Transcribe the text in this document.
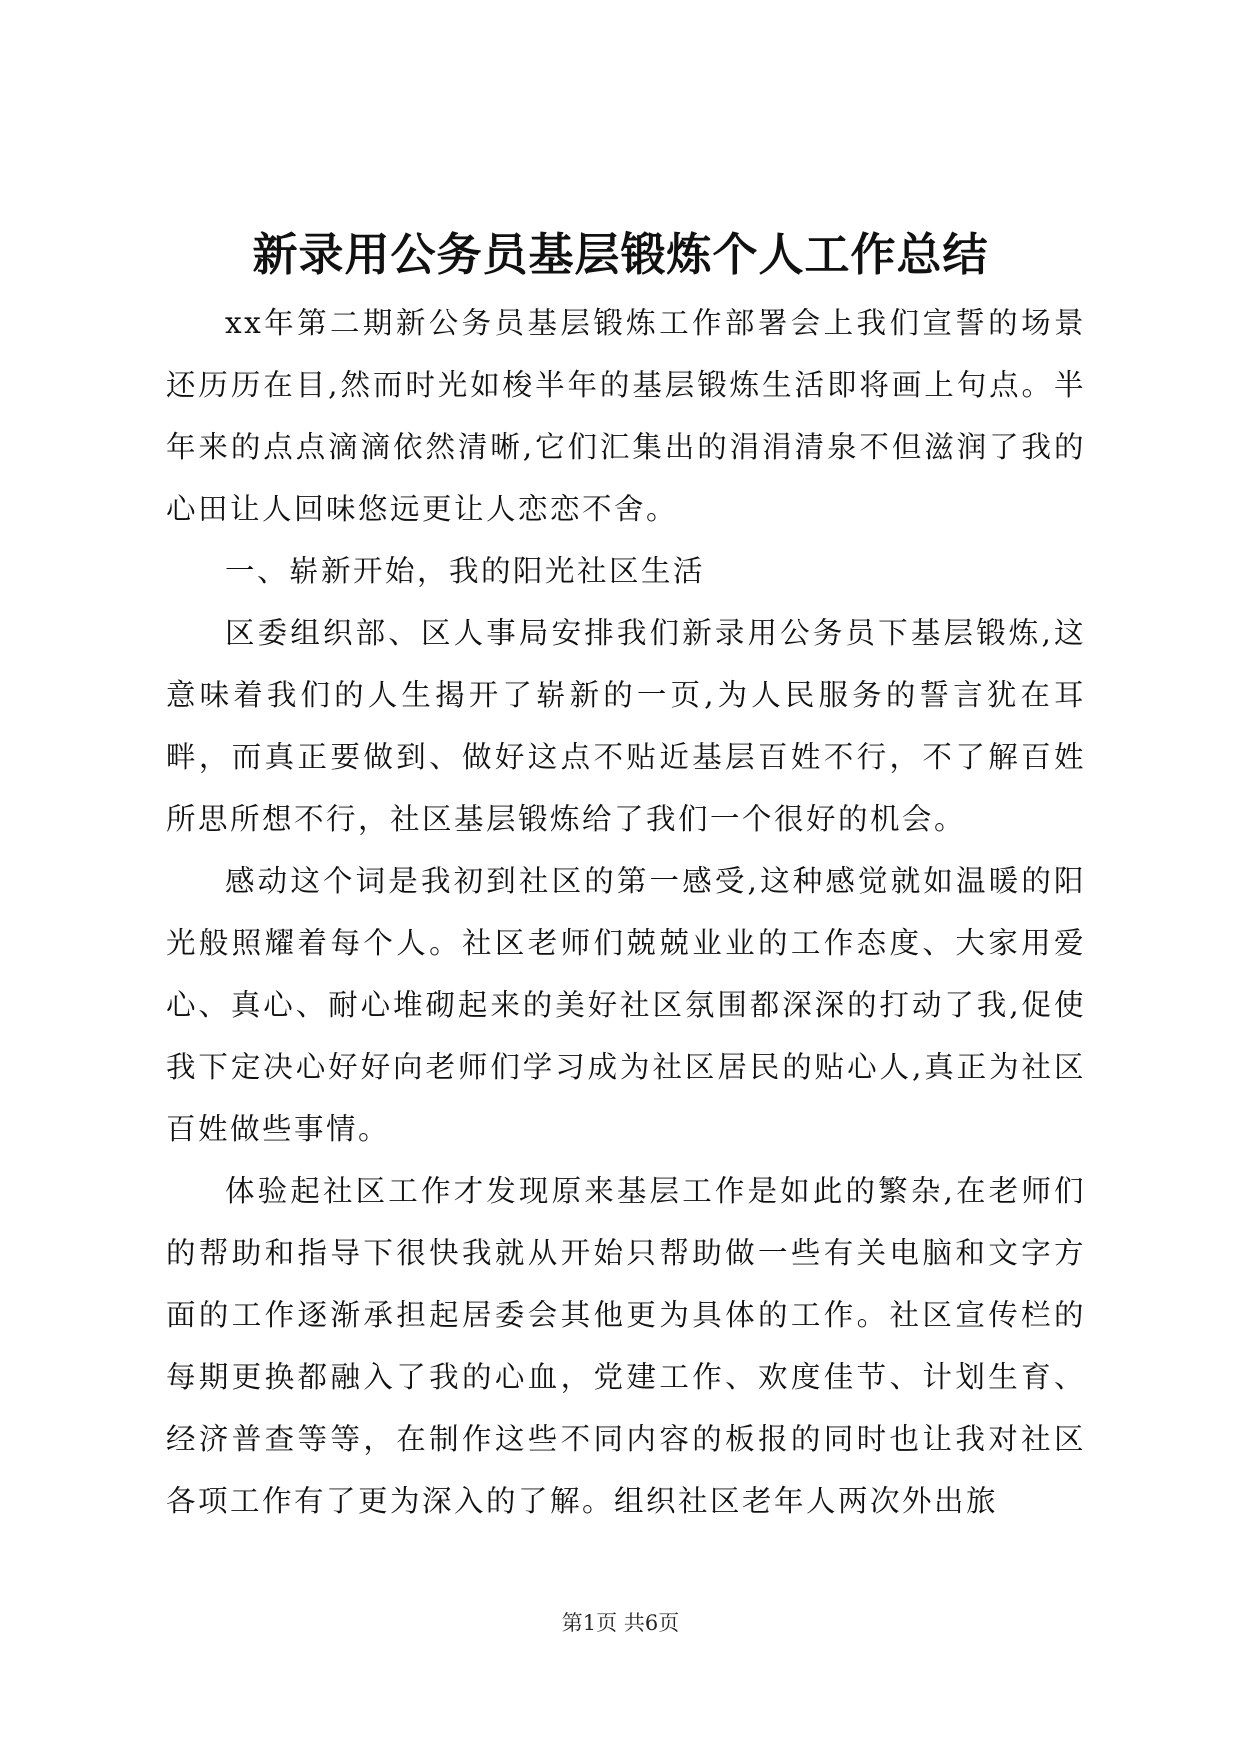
新录用公务员基层锻炼个人工作总结

xx年第二期新公务员基层锻炼工作部署会上我们宣誓的场景还历历在目,然而时光如梭半年的基层锻炼生活即将画上句点。半年来的点点滴滴依然清晰,它们汇集出的涓涓清泉不但滋润了我的心田让人回味悠远更让人恋恋不舍。

一、崭新开始，我的阳光社区生活

区委组织部、区人事局安排我们新录用公务员下基层锻炼,这意味着我们的人生揭开了崭新的一页,为人民服务的誓言犹在耳畔，而真正要做到、做好这点不贴近基层百姓不行，不了解百姓所思所想不行，社区基层锻炼给了我们一个很好的机会。

感动这个词是我初到社区的第一感受,这种感觉就如温暖的阳光般照耀着每个人。社区老师们兢兢业业的工作态度、大家用爱心、真心、耐心堆砌起来的美好社区氛围都深深的打动了我,促使我下定决心好好向老师们学习成为社区居民的贴心人,真正为社区百姓做些事情。

体验起社区工作才发现原来基层工作是如此的繁杂,在老师们的帮助和指导下很快我就从开始只帮助做一些有关电脑和文字方面的工作逐渐承担起居委会其他更为具体的工作。社区宣传栏的每期更换都融入了我的心血，党建工作、欢度佳节、计划生育、经济普查等等，在制作这些不同内容的板报的同时也让我对社区各项工作有了更为深入的了解。组织社区老年人两次外出旅

第1页 共6页
